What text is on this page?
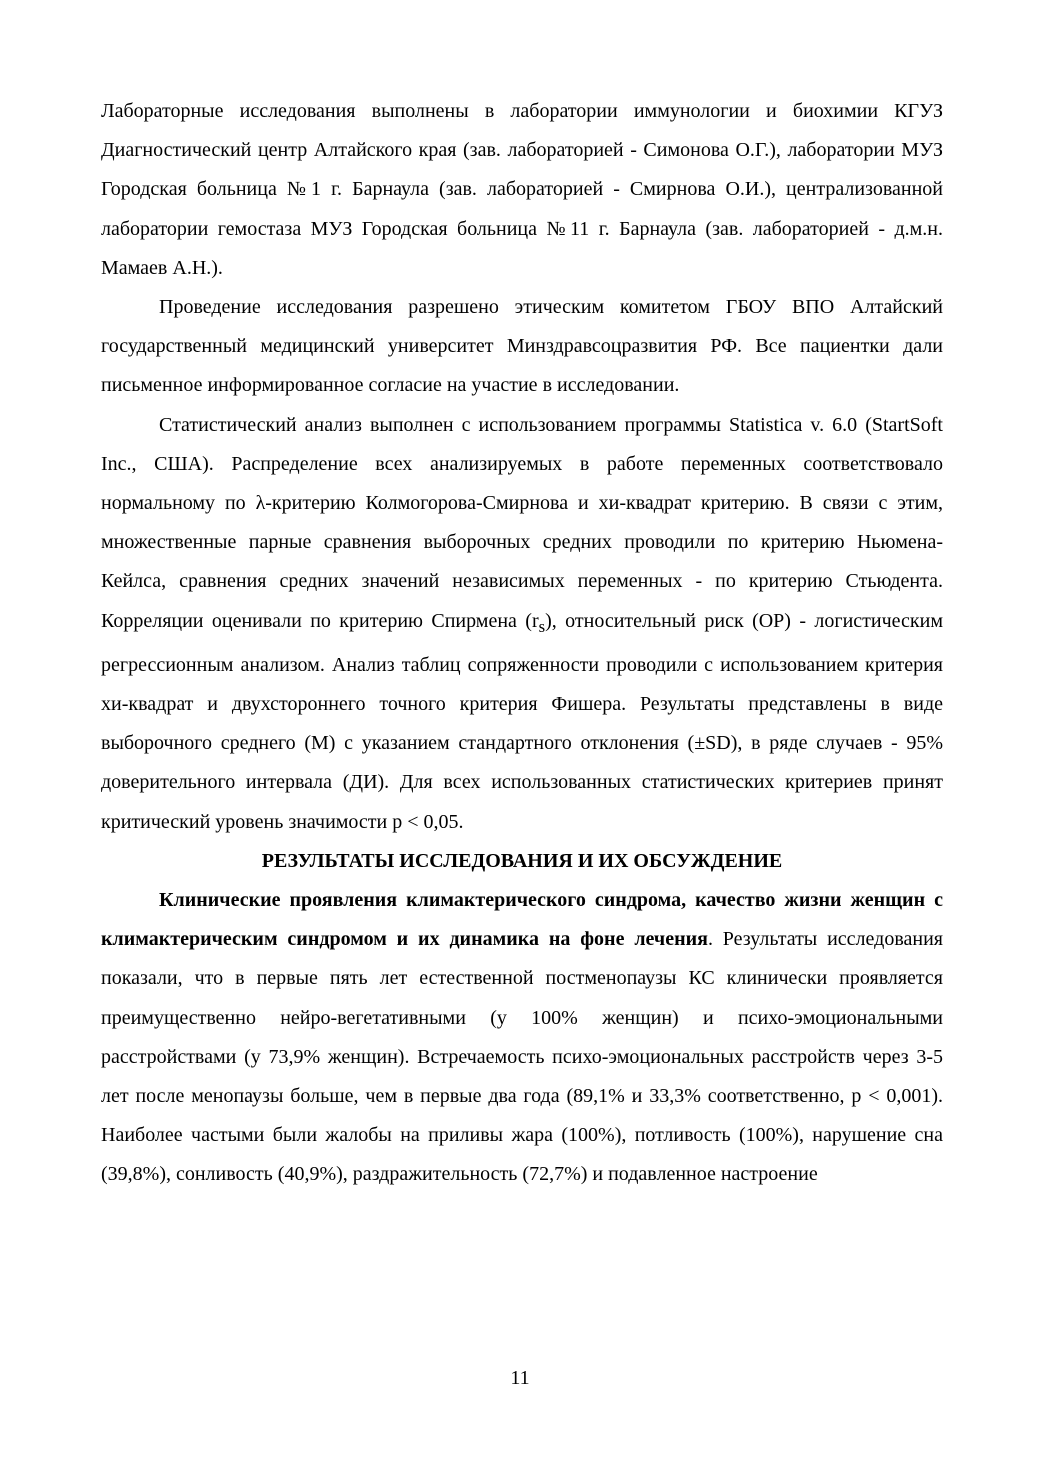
Лабораторные исследования выполнены в лаборатории иммунологии и биохимии КГУЗ Диагностический центр Алтайского края (зав. лабораторией - Симонова О.Г.), лаборатории МУЗ Городская больница №1 г. Барнаула (зав. лабораторией - Смирнова О.И.), централизованной лаборатории гемостаза МУЗ Городская больница №11 г. Барнаула (зав. лабораторией - д.м.н. Мамаев А.Н.).

Проведение исследования разрешено этическим комитетом ГБОУ ВПО Алтайский государственный медицинский университет Минздравсоцразвития РФ. Все пациентки дали письменное информированное согласие на участие в исследовании.

Статистический анализ выполнен с использованием программы Statistica v. 6.0 (StartSoft Inc., США). Распределение всех анализируемых в работе переменных соответствовало нормальному по λ-критерию Колмогорова-Смирнова и хи-квадрат критерию. В связи с этим, множественные парные сравнения выборочных средних проводили по критерию Ньюмена-Кейлса, сравнения средних значений независимых переменных - по критерию Стьюдента. Корреляции оценивали по критерию Спирмена $(r_s)$, относительный риск (ОР) - логистическим регрессионным анализом. Анализ таблиц сопряженности проводили с использованием критерия хи-квадрат и двухстороннего точного критерия Фишера. Результаты представлены в виде выборочного среднего (М) с указанием стандартного отклонения (±SD), в ряде случаев - 95% доверительного интервала (ДИ). Для всех использованных статистических критериев принят критический уровень значимости p < 0,05.

РЕЗУЛЬТАТЫ ИССЛЕДОВАНИЯ И ИХ ОБСУЖДЕНИЕ

Клинические проявления климактерического синдрома, качество жизни женщин с климактерическим синдромом и их динамика на фоне лечения. Результаты исследования показали, что в первые пять лет естественной постменопаузы КС клинически проявляется преимущественно нейро-вегетативными (у 100% женщин) и психо-эмоциональными расстройствами (у 73,9% женщин). Встречаемость психо-эмоциональных расстройств через 3-5 лет после менопаузы больше, чем в первые два года (89,1% и 33,3% соответственно, p < 0,001). Наиболее частыми были жалобы на приливы жара (100%), потливость (100%), нарушение сна (39,8%), сонливость (40,9%), раздражительность (72,7%) и подавленное настроение

11
